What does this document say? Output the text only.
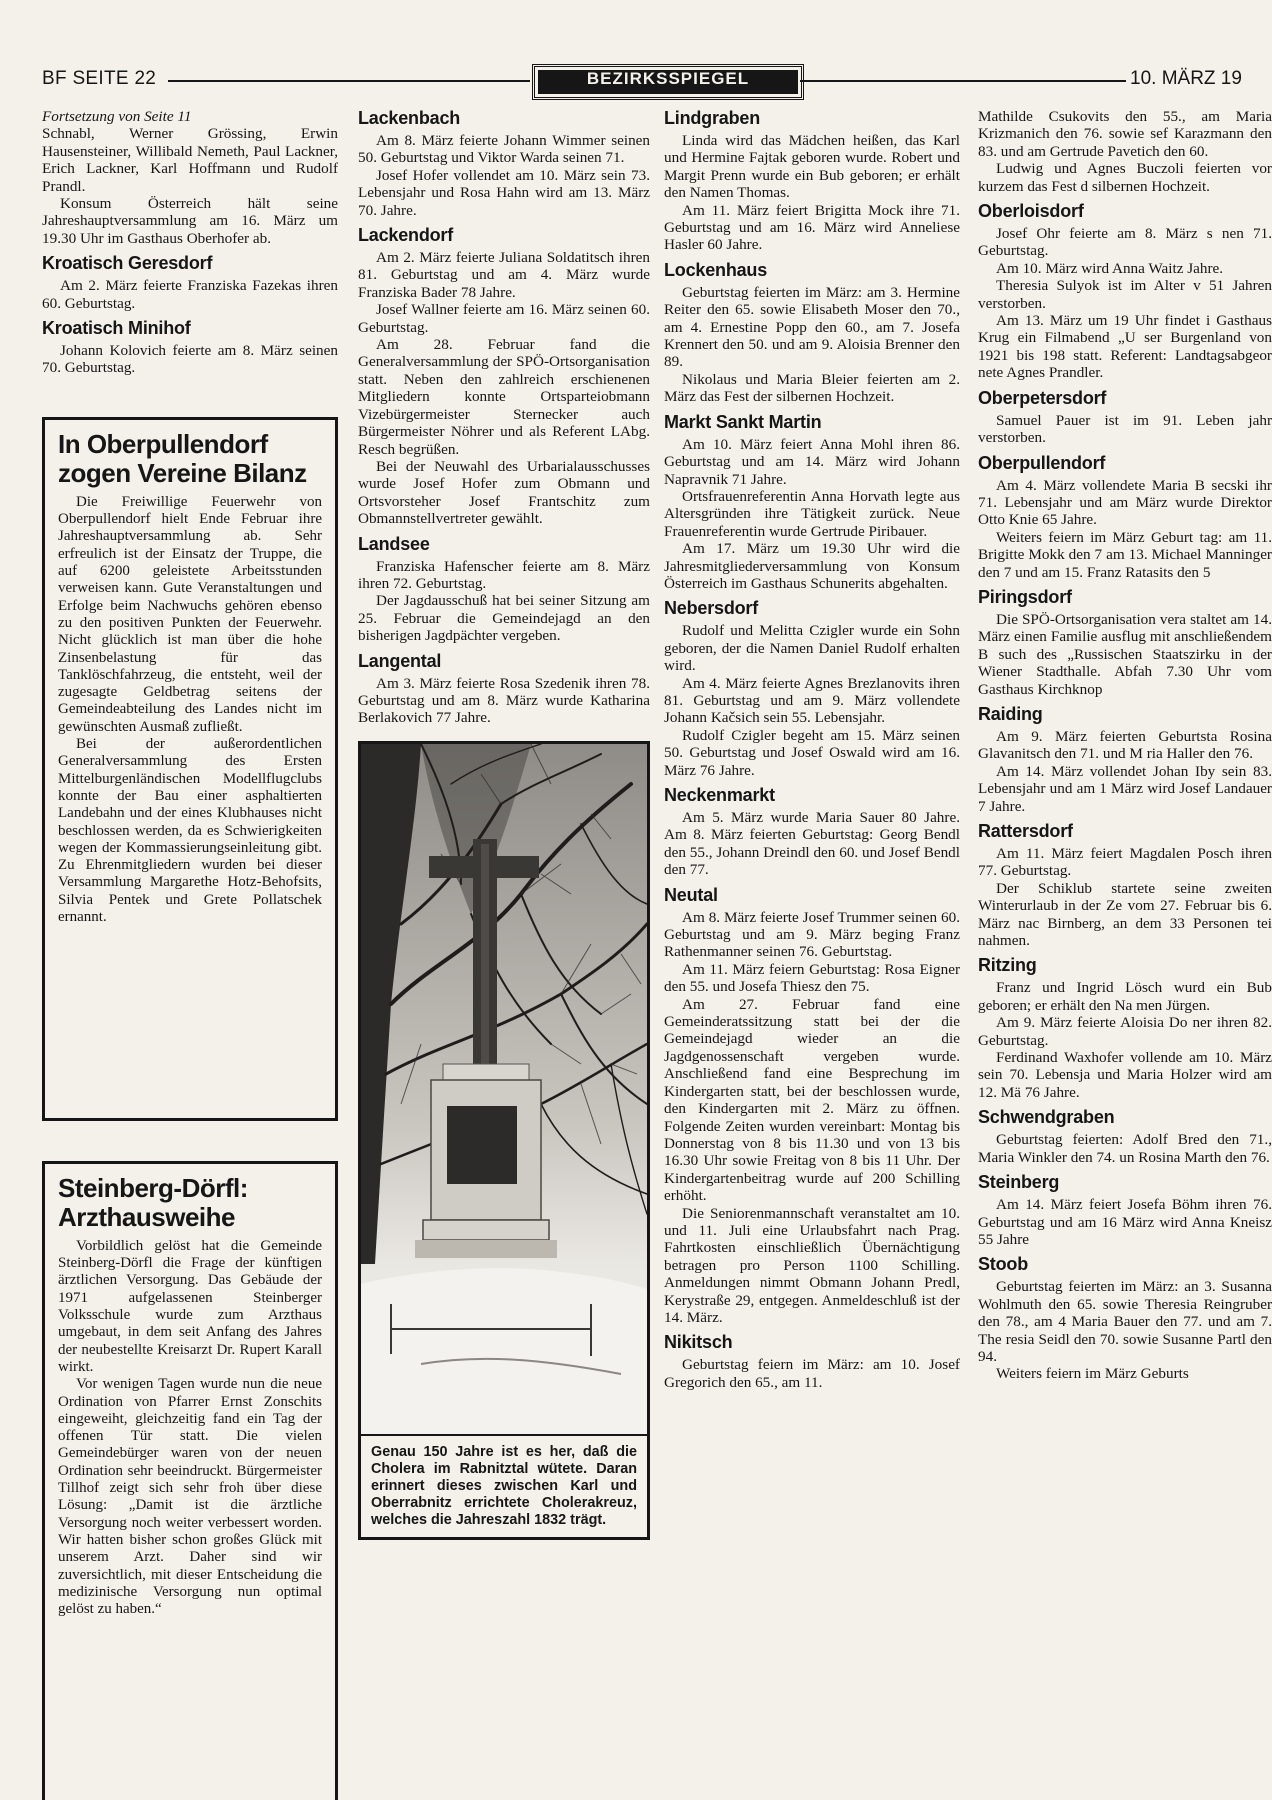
BF SEITE 22	BEZIRKSSPIEGEL	10. MÄRZ 19

Fortsetzung von Seite 11

Schnabl, Werner Grössing, Erwin Hausensteiner, Willibald Nemeth, Paul Lackner, Erich Lackner, Karl Hoffmann und Rudolf Prandl.

Konsum Österreich hält seine Jahreshauptversammlung am 16. März um 19.30 Uhr im Gasthaus Oberhofer ab.

Kroatisch Geresdorf

Am 2. März feierte Franziska Fazekas ihren 60. Geburtstag.

Kroatisch Minihof

Johann Kolovich feierte am 8. März seinen 70. Geburtstag.

In Oberpullendorf zogen Vereine Bilanz

Die Freiwillige Feuerwehr von Oberpullendorf hielt Ende Februar ihre Jahreshauptversammlung ab. Sehr erfreulich ist der Einsatz der Truppe, die auf 6200 geleistete Arbeitsstunden verweisen kann. Gute Veranstaltungen und Erfolge beim Nachwuchs gehören ebenso zu den positiven Punkten der Feuerwehr. Nicht glücklich ist man über die hohe Zinsenbelastung für das Tanklöschfahrzeug, die entsteht, weil der zugesagte Geldbetrag seitens der Gemeindeabteilung des Landes nicht im gewünschten Ausmaß zufließt.

Bei der außerordentlichen Generalversammlung des Ersten Mittelburgenländischen Modellflugclubs konnte der Bau einer asphaltierten Landebahn und der eines Klubhauses nicht beschlossen werden, da es Schwierigkeiten wegen der Kommassierungseinleitung gibt. Zu Ehrenmitgliedern wurden bei dieser Versammlung Margarethe Hotz-Behofsits, Silvia Pentek und Grete Pollatschek ernannt.

Steinberg-Dörfl: Arzthausweihe

Vorbildlich gelöst hat die Gemeinde Steinberg-Dörfl die Frage der künftigen ärztlichen Versorgung. Das Gebäude der 1971 aufgelassenen Steinberger Volksschule wurde zum Arzthaus umgebaut, in dem seit Anfang des Jahres der neubestellte Kreisarzt Dr. Rupert Karall wirkt.

Vor wenigen Tagen wurde nun die neue Ordination von Pfarrer Ernst Zonschits eingeweiht, gleichzeitig fand ein Tag der offenen Tür statt. Die vielen Gemeindebürger waren von der neuen Ordination sehr beeindruckt. Bürgermeister Tillhof zeigt sich sehr froh über diese Lösung: „Damit ist die ärztliche Versorgung noch weiter verbessert worden. Wir hatten bisher schon großes Glück mit unserem Arzt. Daher sind wir zuversichtlich, mit dieser Entscheidung die medizinische Versorgung nun optimal gelöst zu haben.“

Lackenbach

Am 8. März feierte Johann Wimmer seinen 50. Geburtstag und Viktor Warda seinen 71.

Josef Hofer vollendet am 10. März sein 73. Lebensjahr und Rosa Hahn wird am 13. März 70. Jahre.

Lackendorf

Am 2. März feierte Juliana Soldatitsch ihren 81. Geburtstag und am 4. März wurde Franziska Bader 78 Jahre.

Josef Wallner feierte am 16. März seinen 60. Geburtstag.

Am 28. Februar fand die Generalversammlung der SPÖ-Ortsorganisation statt. Neben den zahlreich erschienenen Mitgliedern konnte Ortsparteiobmann Vizebürgermeister Sternecker auch Bürgermeister Nöhrer und als Referent LAbg. Resch begrüßen.

Bei der Neuwahl des Urbarialausschusses wurde Josef Hofer zum Obmann und Ortsvorsteher Josef Frantschitz zum Obmannstellvertreter gewählt.

Landsee

Franziska Hafenscher feierte am 8. März ihren 72. Geburtstag.

Der Jagdausschuß hat bei seiner Sitzung am 25. Februar die Gemeindejagd an den bisherigen Jagdpächter vergeben.

Langental

Am 3. März feierte Rosa Szedenik ihren 78. Geburtstag und am 8. März wurde Katharina Berlakovich 77 Jahre.

Genau 150 Jahre ist es her, daß die Cholera im Rabnitztal wütete. Daran erinnert dieses zwischen Karl und Oberrabnitz errichtete Cholerakreuz, welches die Jahreszahl 1832 trägt.
Lindgraben

Linda wird das Mädchen heißen, das Karl und Hermine Fajtak geboren wurde. Robert und Margit Prenn wurde ein Bub geboren; er erhält den Namen Thomas.

Am 11. März feiert Brigitta Mock ihre 71. Geburtstag und am 16. März wird Anneliese Hasler 60 Jahre.

Lockenhaus

Geburtstag feierten im März: am 3. Hermine Reiter den 65. sowie Elisabeth Moser den 70., am 4. Ernestine Popp den 60., am 7. Josefa Krennert den 50. und am 9. Aloisia Brenner den 89.

Nikolaus und Maria Bleier feierten am 2. März das Fest der silbernen Hochzeit.

Markt Sankt Martin

Am 10. März feiert Anna Mohl ihren 86. Geburtstag und am 14. März wird Johann Napravnik 71 Jahre.

Ortsfrauenreferentin Anna Horvath legte aus Altersgründen ihre Tätigkeit zurück. Neue Frauenreferentin wurde Gertrude Piribauer.

Am 17. März um 19.30 Uhr wird die Jahresmitgliederversammlung von Konsum Österreich im Gasthaus Schunerits abgehalten.

Nebersdorf

Rudolf und Melitta Czigler wurde ein Sohn geboren, der die Namen Daniel Rudolf erhalten wird.

Am 4. März feierte Agnes Brezlanovits ihren 81. Geburtstag und am 9. März vollendete Johann Kačsich sein 55. Lebensjahr.

Rudolf Czigler begeht am 15. März seinen 50. Geburtstag und Josef Oswald wird am 16. März 76 Jahre.

Neckenmarkt

Am 5. März wurde Maria Sauer 80 Jahre. Am 8. März feierten Geburtstag: Georg Bendl den 55., Johann Dreindl den 60. und Josef Bendl den 77.

Neutal

Am 8. März feierte Josef Trummer seinen 60. Geburtstag und am 9. März beging Franz Rathenmanner seinen 76. Geburtstag.

Am 11. März feiern Geburtstag: Rosa Eigner den 55. und Josefa Thiesz den 75.

Am 27. Februar fand eine Gemeinderatssitzung statt bei der die Gemeindejagd wieder an die Jagdgenossenschaft vergeben wurde. Anschließend fand eine Besprechung im Kindergarten statt, bei der beschlossen wurde, den Kindergarten mit 2. März zu öffnen. Folgende Zeiten wurden vereinbart: Montag bis Donnerstag von 8 bis 11.30 und von 13 bis 16.30 Uhr sowie Freitag von 8 bis 11 Uhr. Der Kindergartenbeitrag wurde auf 200 Schilling erhöht.

Die Seniorenmannschaft veranstaltet am 10. und 11. Juli eine Urlaubsfahrt nach Prag. Fahrtkosten einschließlich Übernächtigung betragen pro Person 1100 Schilling. Anmeldungen nimmt Obmann Johann Predl, Kerystraße 29, entgegen. Anmeldeschluß ist der 14. März.

Nikitsch

Geburtstag feiern im März: am 10. Josef Gregorich den 65., am 11.

Mathilde Csukovits den 55., am Maria Krizmanich den 76. sowie sef Karazmann den 83. und am Gertrude Pavetich den 60.

Ludwig und Agnes Buczoli feierten vor kurzem das Fest d silbernen Hochzeit.

Oberloisdorf

Josef Ohr feierte am 8. März s nen 71. Geburtstag.

Am 10. März wird Anna Waitz Jahre.

Theresia Sulyok ist im Alter v 51 Jahren verstorben.

Am 13. März um 19 Uhr findet i Gasthaus Krug ein Filmabend „U ser Burgenland von 1921 bis 198 statt. Referent: Landtagsabgeor nete Agnes Prandler.

Oberpetersdorf

Samuel Pauer ist im 91. Leben jahr verstorben.

Oberpullendorf

Am 4. März vollendete Maria B secski ihr 71. Lebensjahr und am März wurde Direktor Otto Knie 65 Jahre.

Weiters feiern im März Geburt tag: am 11. Brigitte Mokk den 7 am 13. Michael Manninger den 7 und am 15. Franz Ratasits den 5

Piringsdorf

Die SPÖ-Ortsorganisation vera staltet am 14. März einen Familie ausflug mit anschließendem B such des „Russischen Staatszirku in der Wiener Stadthalle. Abfah 7.30 Uhr vom Gasthaus Kirchknop

Raiding

Am 9. März feierten Geburtsta Rosina Glavanitsch den 71. und M ria Haller den 76.

Am 14. März vollendet Johan Iby sein 83. Lebensjahr und am 1 März wird Josef Landauer 7 Jahre.

Rattersdorf

Am 11. März feiert Magdalen Posch ihren 77. Geburtstag.

Der Schiklub startete seine zweiten Winterurlaub in der Ze vom 27. Februar bis 6. März nac Birnberg, an dem 33 Personen tei nahmen.

Ritzing

Franz und Ingrid Lösch wurd ein Bub geboren; er erhält den Na men Jürgen.

Am 9. März feierte Aloisia Do ner ihren 82. Geburtstag.

Ferdinand Waxhofer vollende am 10. März sein 70. Lebensja und Maria Holzer wird am 12. Mä 76 Jahre.

Schwendgraben

Geburtstag feierten: Adolf Bred den 71., Maria Winkler den 74. un Rosina Marth den 76.

Steinberg

Am 14. März feiert Josefa Böhm ihren 76. Geburtstag und am 16 März wird Anna Kneisz 55 Jahre

Stoob

Geburtstag feierten im März: an 3. Susanna Wohlmuth den 65. sowie Theresia Reingruber den 78., am 4 Maria Bauer den 77. und am 7. The resia Seidl den 70. sowie Susanne Partl den 94.

Weiters feiern im März Geburts
